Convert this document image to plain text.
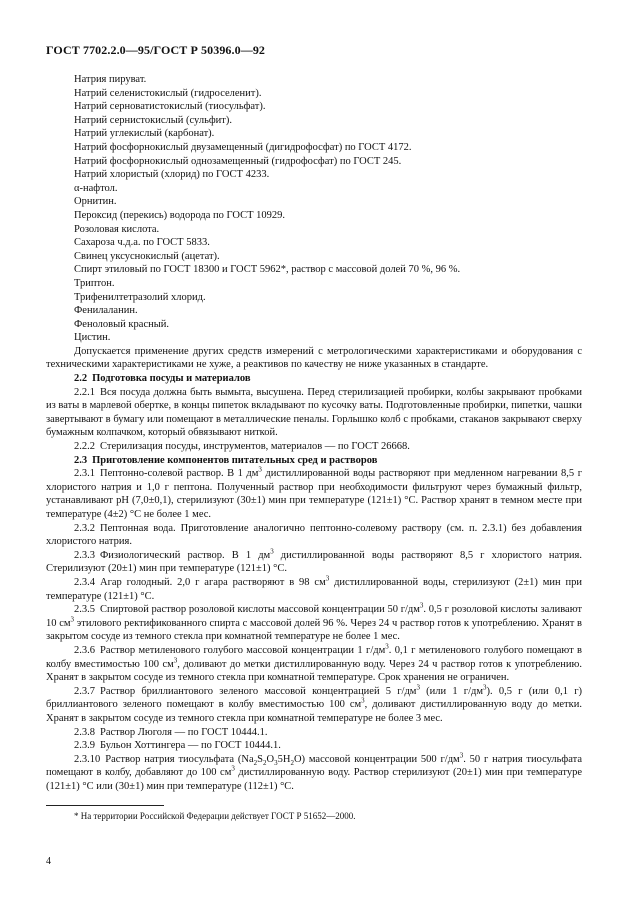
ГОСТ 7702.2.0—95/ГОСТ Р 50396.0—92

Натрия пируват.

Натрий селенистокислый (гидроселенит).

Натрий серноватистокислый (тиосульфат).

Натрий сернистокислый (сульфит).

Натрий углекислый (карбонат).

Натрий фосфорнокислый двузамещенный (дигидрофосфат) по ГОСТ 4172.

Натрий фосфорнокислый однозамещенный (гидрофосфат) по ГОСТ 245.

Натрий хлористый (хлорид) по ГОСТ 4233.

α-нафтол.

Орнитин.

Пероксид (перекись) водорода по ГОСТ 10929.

Розоловая кислота.

Сахароза ч.д.а. по ГОСТ 5833.

Свинец уксуснокислый (ацетат).

Спирт этиловый по ГОСТ 18300 и ГОСТ 5962*, раствор с массовой долей 70 %, 96 %.

Триптон.

Трифенилтетразолий хлорид.

Фенилаланин.

Феноловый красный.

Цистин.

Допускается применение других средств измерений с метрологическими характеристиками и оборудования с техническими характеристиками не хуже, а реактивов по качеству не ниже указанных в стандарте.

2.2 Подготовка посуды и материалов

2.2.1 Вся посуда должна быть вымыта, высушена. Перед стерилизацией пробирки, колбы закрывают пробками из ваты в марлевой обертке, в концы пипеток вкладывают по кусочку ваты. Подготовленные пробирки, пипетки, чашки завертывают в бумагу или помещают в металлические пеналы. Горлышко колб с пробками, стаканов закрывают сверху бумажным колпачком, который обвязывают ниткой.

2.2.2 Стерилизация посуды, инструментов, материалов — по ГОСТ 26668.

2.3 Приготовление компонентов питательных сред и растворов

2.3.1 Пептонно-солевой раствор. В 1 $дм^3$ дистиллированной воды растворяют при медленном нагревании 8,5 г хлористого натрия и 1,0 г пептона. Полученный раствор при необходимости фильтруют через бумажный фильтр, устанавливают рН (7,0±0,1), стерилизуют (30±1) мин при температуре (121±1) °С. Раствор хранят в темном месте при температуре (4±2) °С не более 1 мес.

2.3.2 Пептонная вода. Приготовление аналогично пептонно-солевому раствору (см. п. 2.3.1) без добавления хлористого натрия.

2.3.3 Физиологический раствор. В 1 $дм^3$ дистиллированной воды растворяют 8,5 г хлористого натрия. Стерилизуют (20±1) мин при температуре (121±1) °С.

2.3.4 Агар голодный. 2,0 г агара растворяют в 98 $см^3$ дистиллированной воды, стерилизуют (2±1) мин при температуре (121±1) °С.

2.3.5 Спиртовой раствор розоловой кислоты массовой концентрации 50 $г/дм^3$. 0,5 г розоловой кислоты заливают 10 $см^3$ этилового ректификованного спирта с массовой долей 96 %. Через 24 ч раствор готов к употреблению. Хранят в закрытом сосуде из темного стекла при комнатной температуре не более 1 мес.

2.3.6 Раствор метиленового голубого массовой концентрации 1 $г/дм^3$. 0,1 г метиленового голубого помещают в колбу вместимостью 100 $см^3$, доливают до метки дистиллированную воду. Через 24 ч раствор готов к употреблению. Хранят в закрытом сосуде из темного стекла при комнатной температуре. Срок хранения не ограничен.

2.3.7 Раствор бриллиантового зеленого массовой концентрацией 5 $г/дм^3$ (или 1 $г/дм^3$). 0,5 г (или 0,1 г) бриллиантового зеленого помещают в колбу вместимостью 100 $см^3$, доливают дистиллированную воду до метки. Хранят в закрытом сосуде из темного стекла при комнатной температуре не более 3 мес.

2.3.8 Раствор Люголя — по ГОСТ 10444.1.

2.3.9 Бульон Хоттингера — по ГОСТ 10444.1.

2.3.10 Раствор натрия тиосульфата $(Na_2S_2O_35H_2O)$ массовой концентрации 500 $г/дм^3$. 50 г натрия тиосульфата помещают в колбу, добавляют до 100 $см^3$ дистиллированную воду. Раствор стерилизуют (20±1) мин при температуре (121±1) °С или (30±1) мин при температуре (112±1) °С.

* На территории Российской Федерации действует ГОСТ Р 51652—2000.
4
